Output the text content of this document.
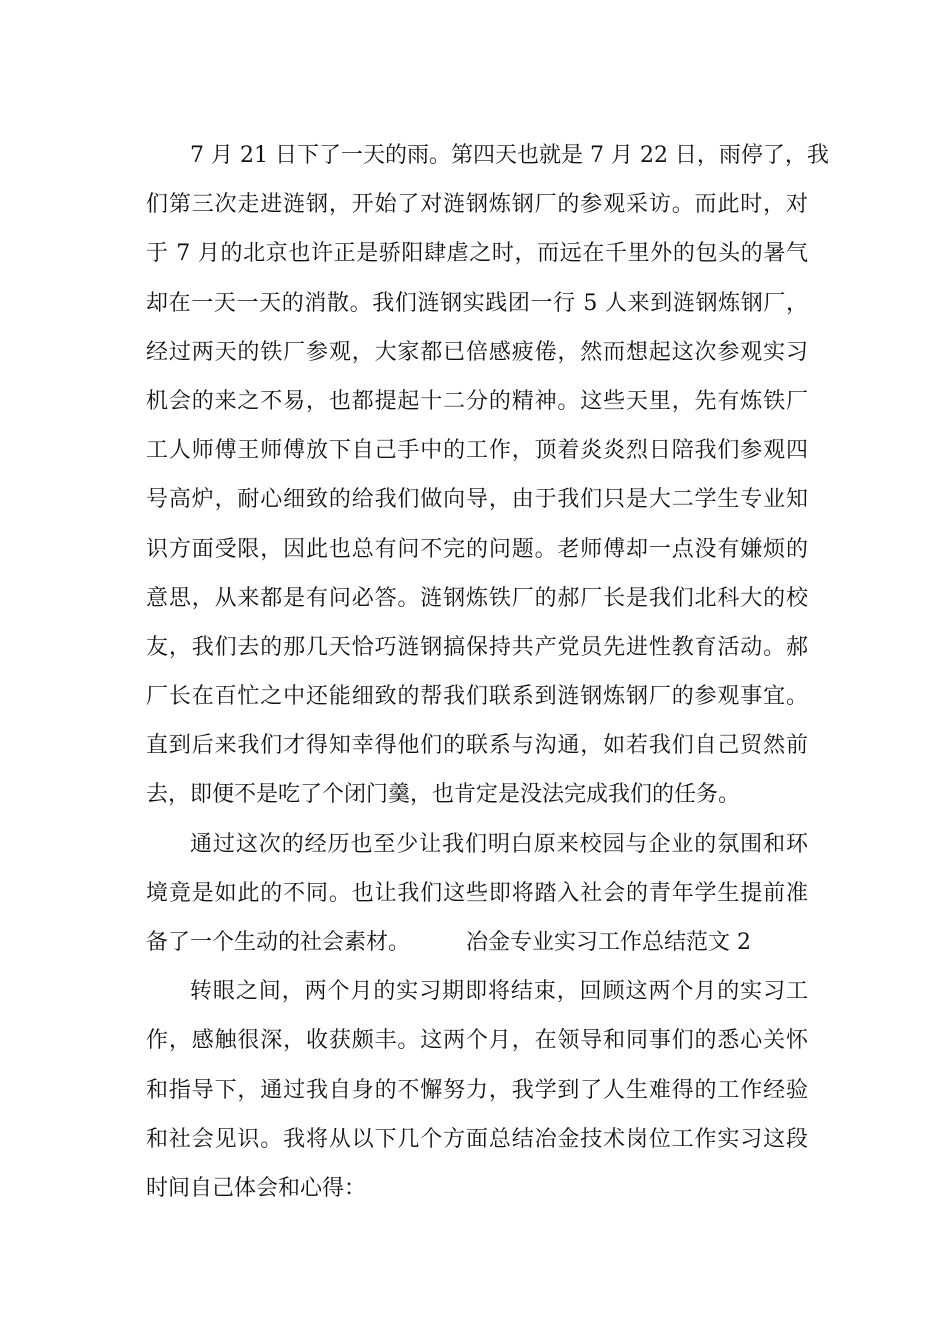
7 月 21 日下了一天的雨。第四天也就是 7 月 22 日，雨停了，我
们第三次走进涟钢，开始了对涟钢炼钢厂的参观采访。而此时，对
于 7 月的北京也许正是骄阳肆虐之时，而远在千里外的包头的暑气
却在一天一天的消散。我们涟钢实践团一行 5 人来到涟钢炼钢厂，
经过两天的铁厂参观，大家都已倍感疲倦，然而想起这次参观实习
机会的来之不易，也都提起十二分的精神。这些天里，先有炼铁厂
工人师傅王师傅放下自己手中的工作，顶着炎炎烈日陪我们参观四
号高炉，耐心细致的给我们做向导，由于我们只是大二学生专业知
识方面受限，因此也总有问不完的问题。老师傅却一点没有嫌烦的
意思，从来都是有问必答。涟钢炼铁厂的郝厂长是我们北科大的校
友，我们去的那几天恰巧涟钢搞保持共产党员先进性教育活动。郝
厂长在百忙之中还能细致的帮我们联系到涟钢炼钢厂的参观事宜。
直到后来我们才得知幸得他们的联系与沟通，如若我们自己贸然前
去，即便不是吃了个闭门羹，也肯定是没法完成我们的任务。
通过这次的经历也至少让我们明白原来校园与企业的氛围和环
境竟是如此的不同。也让我们这些即将踏入社会的青年学生提前准
备了一个生动的社会素材。        冶金专业实习工作总结范文 2
转眼之间，两个月的实习期即将结束，回顾这两个月的实习工
作，感触很深，收获颇丰。这两个月，在领导和同事们的悉心关怀
和指导下，通过我自身的不懈努力，我学到了人生难得的工作经验
和社会见识。我将从以下几个方面总结冶金技术岗位工作实习这段
时间自己体会和心得：
